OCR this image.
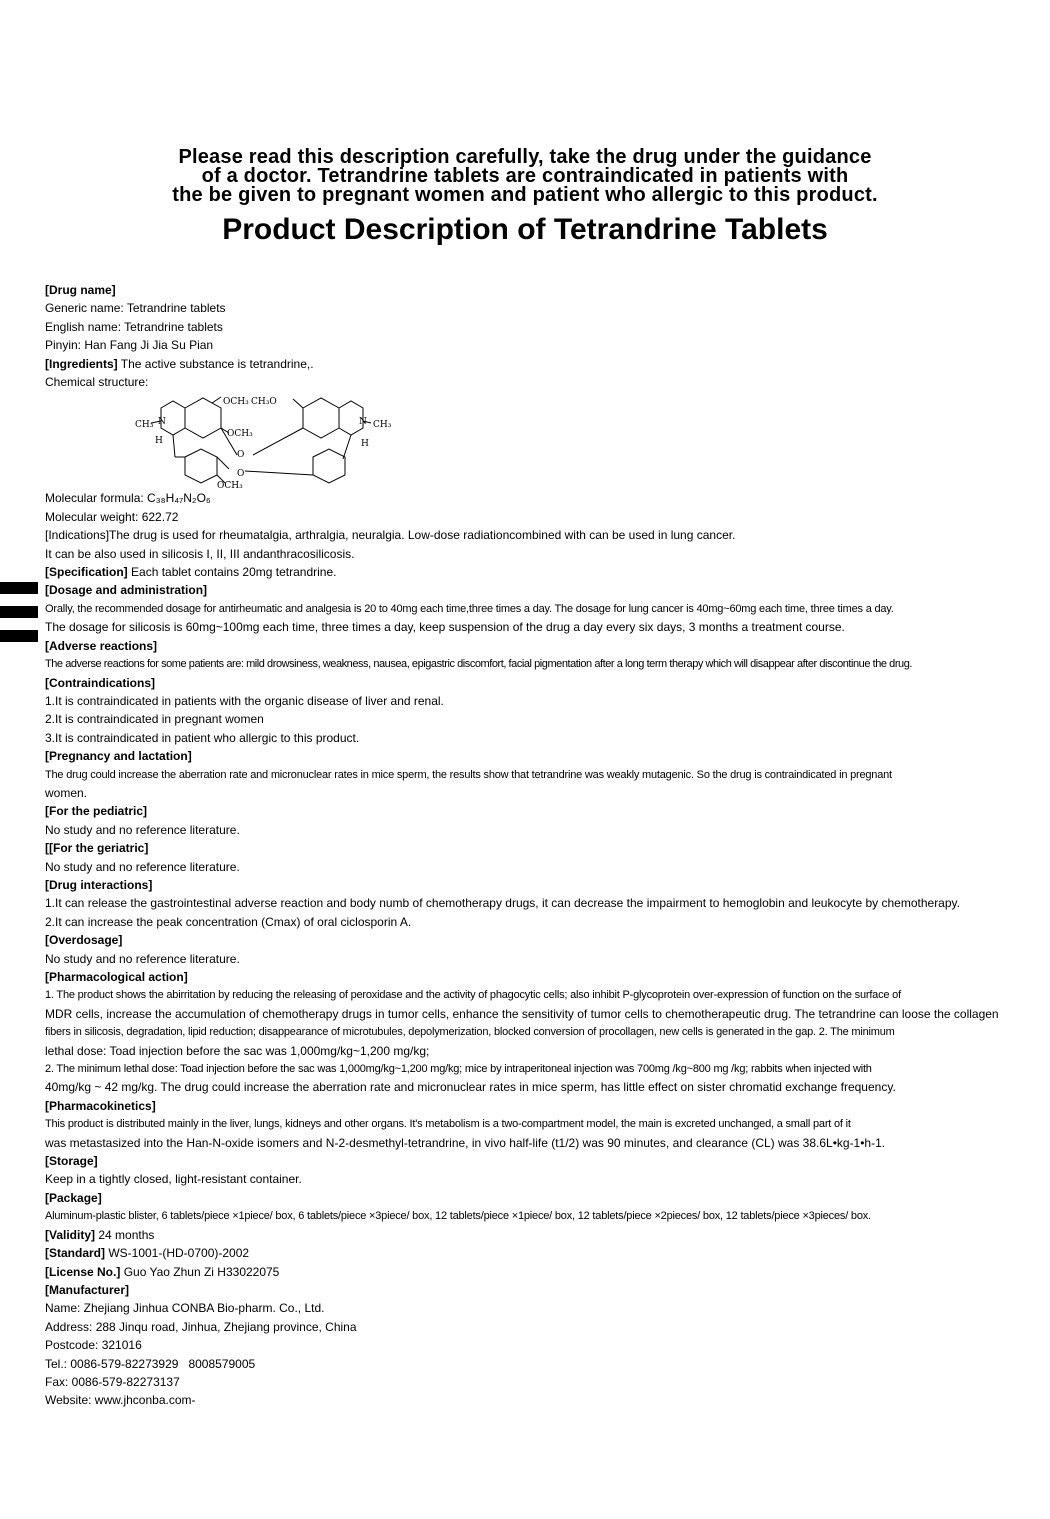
Please read this description carefully, take the drug under the guidance
of a doctor. Tetrandrine tablets are contraindicated in patients with
the be given to pregnant women and patient who allergic to this product.
Product Description of Tetrandrine Tablets

[Drug name]

Generic name: Tetrandrine tablets

English name: Tetrandrine tablets

Pinyin: Han Fang Ji Jia Su Pian

[Ingredients] The active substance is tetrandrine,.

Chemical structure:

OCH₃ CH₃O
CH₃ N
H
OCH₃
O
O
OCH₃
N CH₃
H

Molecular formula: C₃₈H₄₇N₂O₆

Molecular weight: 622.72

[Indications]The drug is used for rheumatalgia, arthralgia, neuralgia. Low-dose radiationcombined with can be used in lung cancer.

It can be also used in silicosis I, II, III andanthracosilicosis.

[Specification] Each tablet contains 20mg tetrandrine.

[Dosage and administration]

Orally, the recommended dosage for antirheumatic and analgesia is 20 to 40mg each time,three times a day. The dosage for lung cancer is 40mg~60mg each time, three times a day.

The dosage for silicosis is 60mg~100mg each time, three times a day, keep suspension of the drug a day every six days, 3 months a treatment course.

[Adverse reactions]

The adverse reactions for some patients are: mild drowsiness, weakness, nausea, epigastric discomfort, facial pigmentation after a long term therapy which will disappear after discontinue the drug.

[Contraindications]

1.It is contraindicated in patients with the organic disease of liver and renal.

2.It is contraindicated in pregnant women

3.It is contraindicated in patient who allergic to this product.

[Pregnancy and lactation]

The drug could increase the aberration rate and micronuclear rates in mice sperm, the results show that tetrandrine was weakly mutagenic. So the drug is contraindicated in pregnant

women.

[For the pediatric]

No study and no reference literature.

[[For the geriatric]

No study and no reference literature.

[Drug interactions]

1.It can release the gastrointestinal adverse reaction and body numb of chemotherapy drugs, it can decrease the impairment to hemoglobin and leukocyte by chemotherapy.

2.It can increase the peak concentration (Cmax) of oral ciclosporin A.

[Overdosage]

No study and no reference literature.

[Pharmacological action]

1. The product shows the abirritation by reducing the releasing of peroxidase and the activity of phagocytic cells; also inhibit P-glycoprotein over-expression of function on the surface of

MDR cells, increase the accumulation of chemotherapy drugs in tumor cells, enhance the sensitivity of tumor cells to chemotherapeutic drug. The tetrandrine can loose the collagen

fibers in silicosis, degradation, lipid reduction; disappearance of microtubules, depolymerization, blocked conversion of procollagen, new cells is generated in the gap. 2. The minimum

lethal dose: Toad injection before the sac was 1,000mg/kg~1,200 mg/kg;

2. The minimum lethal dose: Toad injection before the sac was 1,000mg/kg~1,200 mg/kg; mice by intraperitoneal injection was 700mg /kg~800 mg /kg; rabbits when injected with

40mg/kg ~ 42 mg/kg. The drug could increase the aberration rate and micronuclear rates in mice sperm, has little effect on sister chromatid exchange frequency.

[Pharmacokinetics]

This product is distributed mainly in the liver, lungs, kidneys and other organs. It's metabolism is a two-compartment model, the main is excreted unchanged, a small part of it

was metastasized into the Han-N-oxide isomers and N-2-desmethyl-tetrandrine, in vivo half-life (t1/2) was 90 minutes, and clearance (CL) was 38.6L•kg-1•h-1.

[Storage]

Keep in a tightly closed, light-resistant container.

[Package]

Aluminum-plastic blister, 6 tablets/piece ×1piece/ box, 6 tablets/piece ×3piece/ box, 12 tablets/piece ×1piece/ box, 12 tablets/piece ×2pieces/ box, 12 tablets/piece ×3pieces/ box.

[Validity] 24 months

[Standard] WS-1001-(HD-0700)-2002

[License No.] Guo Yao Zhun Zi H33022075

[Manufacturer]

Name: Zhejiang Jinhua CONBA Bio-pharm. Co., Ltd.

Address: 288 Jinqu road, Jinhua, Zhejiang province, China

Postcode: 321016

Tel.: 0086-579-82273929   8008579005

Fax: 0086-579-82273137

Website: www.jhconba.com-
